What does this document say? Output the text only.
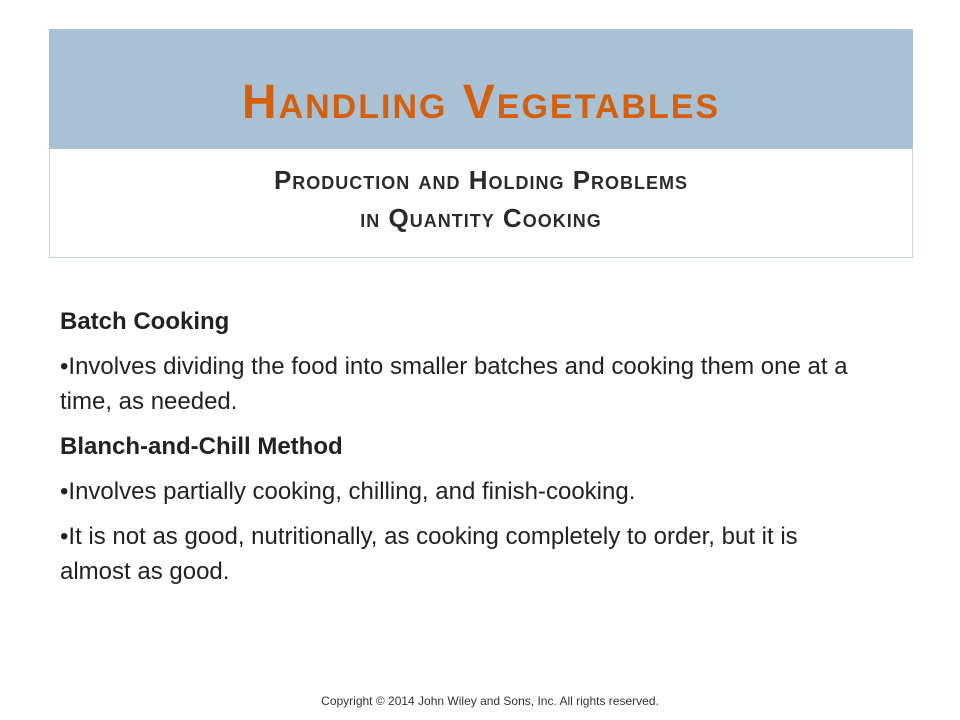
Handling Vegetables
Production and Holding Problems
in Quantity Cooking

Batch Cooking

•Involves dividing the food into smaller batches and cooking them one at a time, as needed.

Blanch-and-Chill Method

•Involves partially cooking, chilling, and finish-cooking.

•It is not as good, nutritionally, as cooking completely to order, but it is almost as good.

Copyright © 2014 John Wiley and Sons, Inc. All rights reserved.
